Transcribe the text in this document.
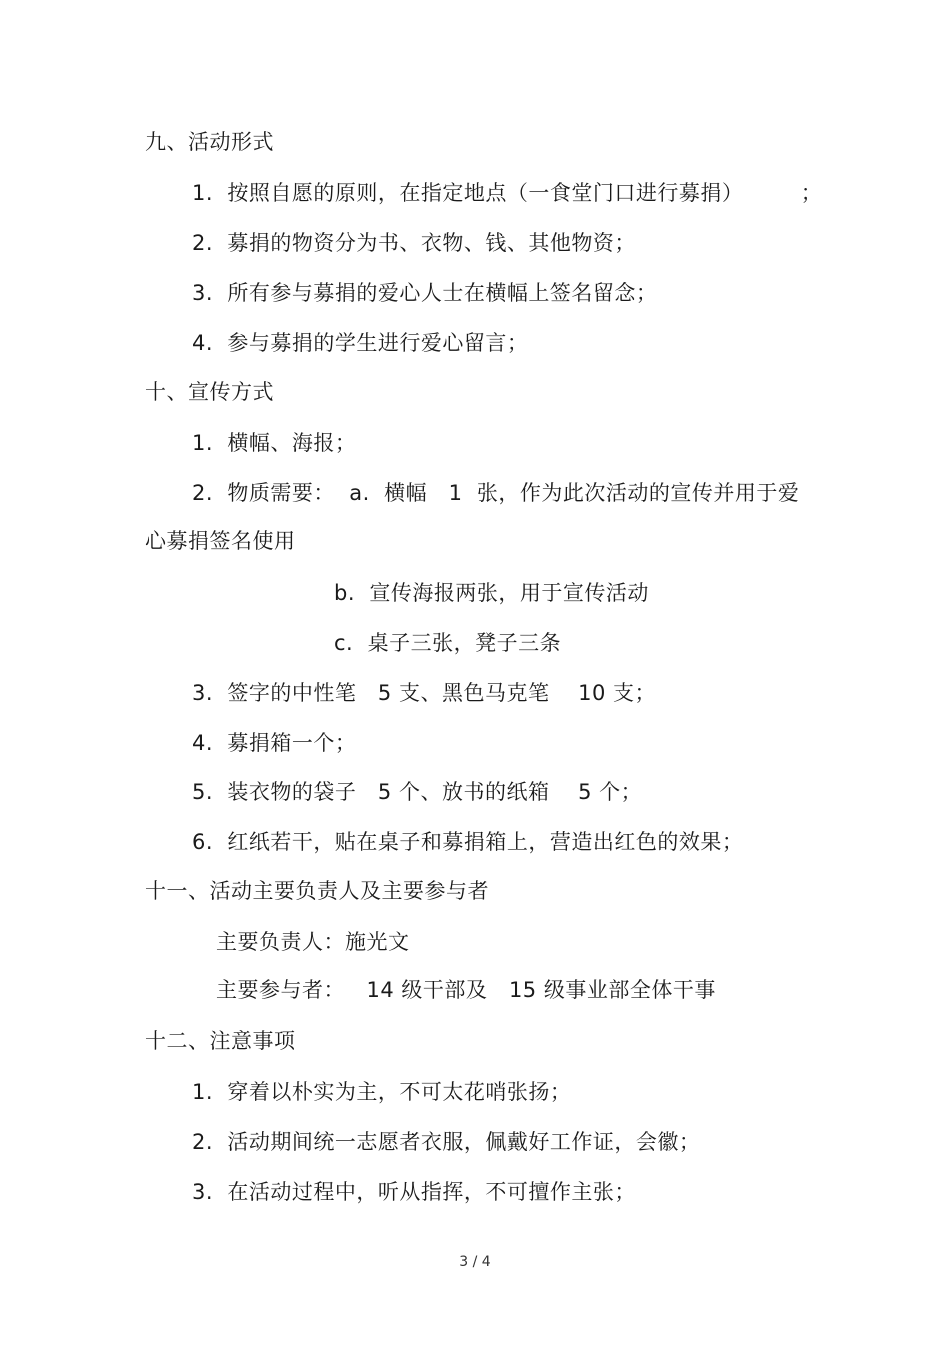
九、活动形式
1.  按照自愿的原则，在指定地点（一食堂门口进行募捐）        ；
2.  募捐的物资分为书、衣物、钱、其他物资；
3.  所有参与募捐的爱心人士在横幅上签名留念；
4.  参与募捐的学生进行爱心留言；
十、宣传方式
1.  横幅、海报；
2.  物质需要：  a.  横幅   1  张，作为此次活动的宣传并用于爱
心募捐签名使用
b.  宣传海报两张，用于宣传活动
c.  桌子三张，凳子三条
3.  签字的中性笔   5 支、黑色马克笔    10 支；
4.  募捐箱一个；
5.  装衣物的袋子   5 个、放书的纸箱    5 个；
6.  红纸若干，贴在桌子和募捐箱上，营造出红色的效果；
十一、活动主要负责人及主要参与者
主要负责人：施光文
主要参与者：   14 级干部及   15 级事业部全体干事
十二、注意事项
1.  穿着以朴实为主，不可太花哨张扬；
2.  活动期间统一志愿者衣服，佩戴好工作证，会徽；
3.  在活动过程中，听从指挥，不可擅作主张；
3 / 4
